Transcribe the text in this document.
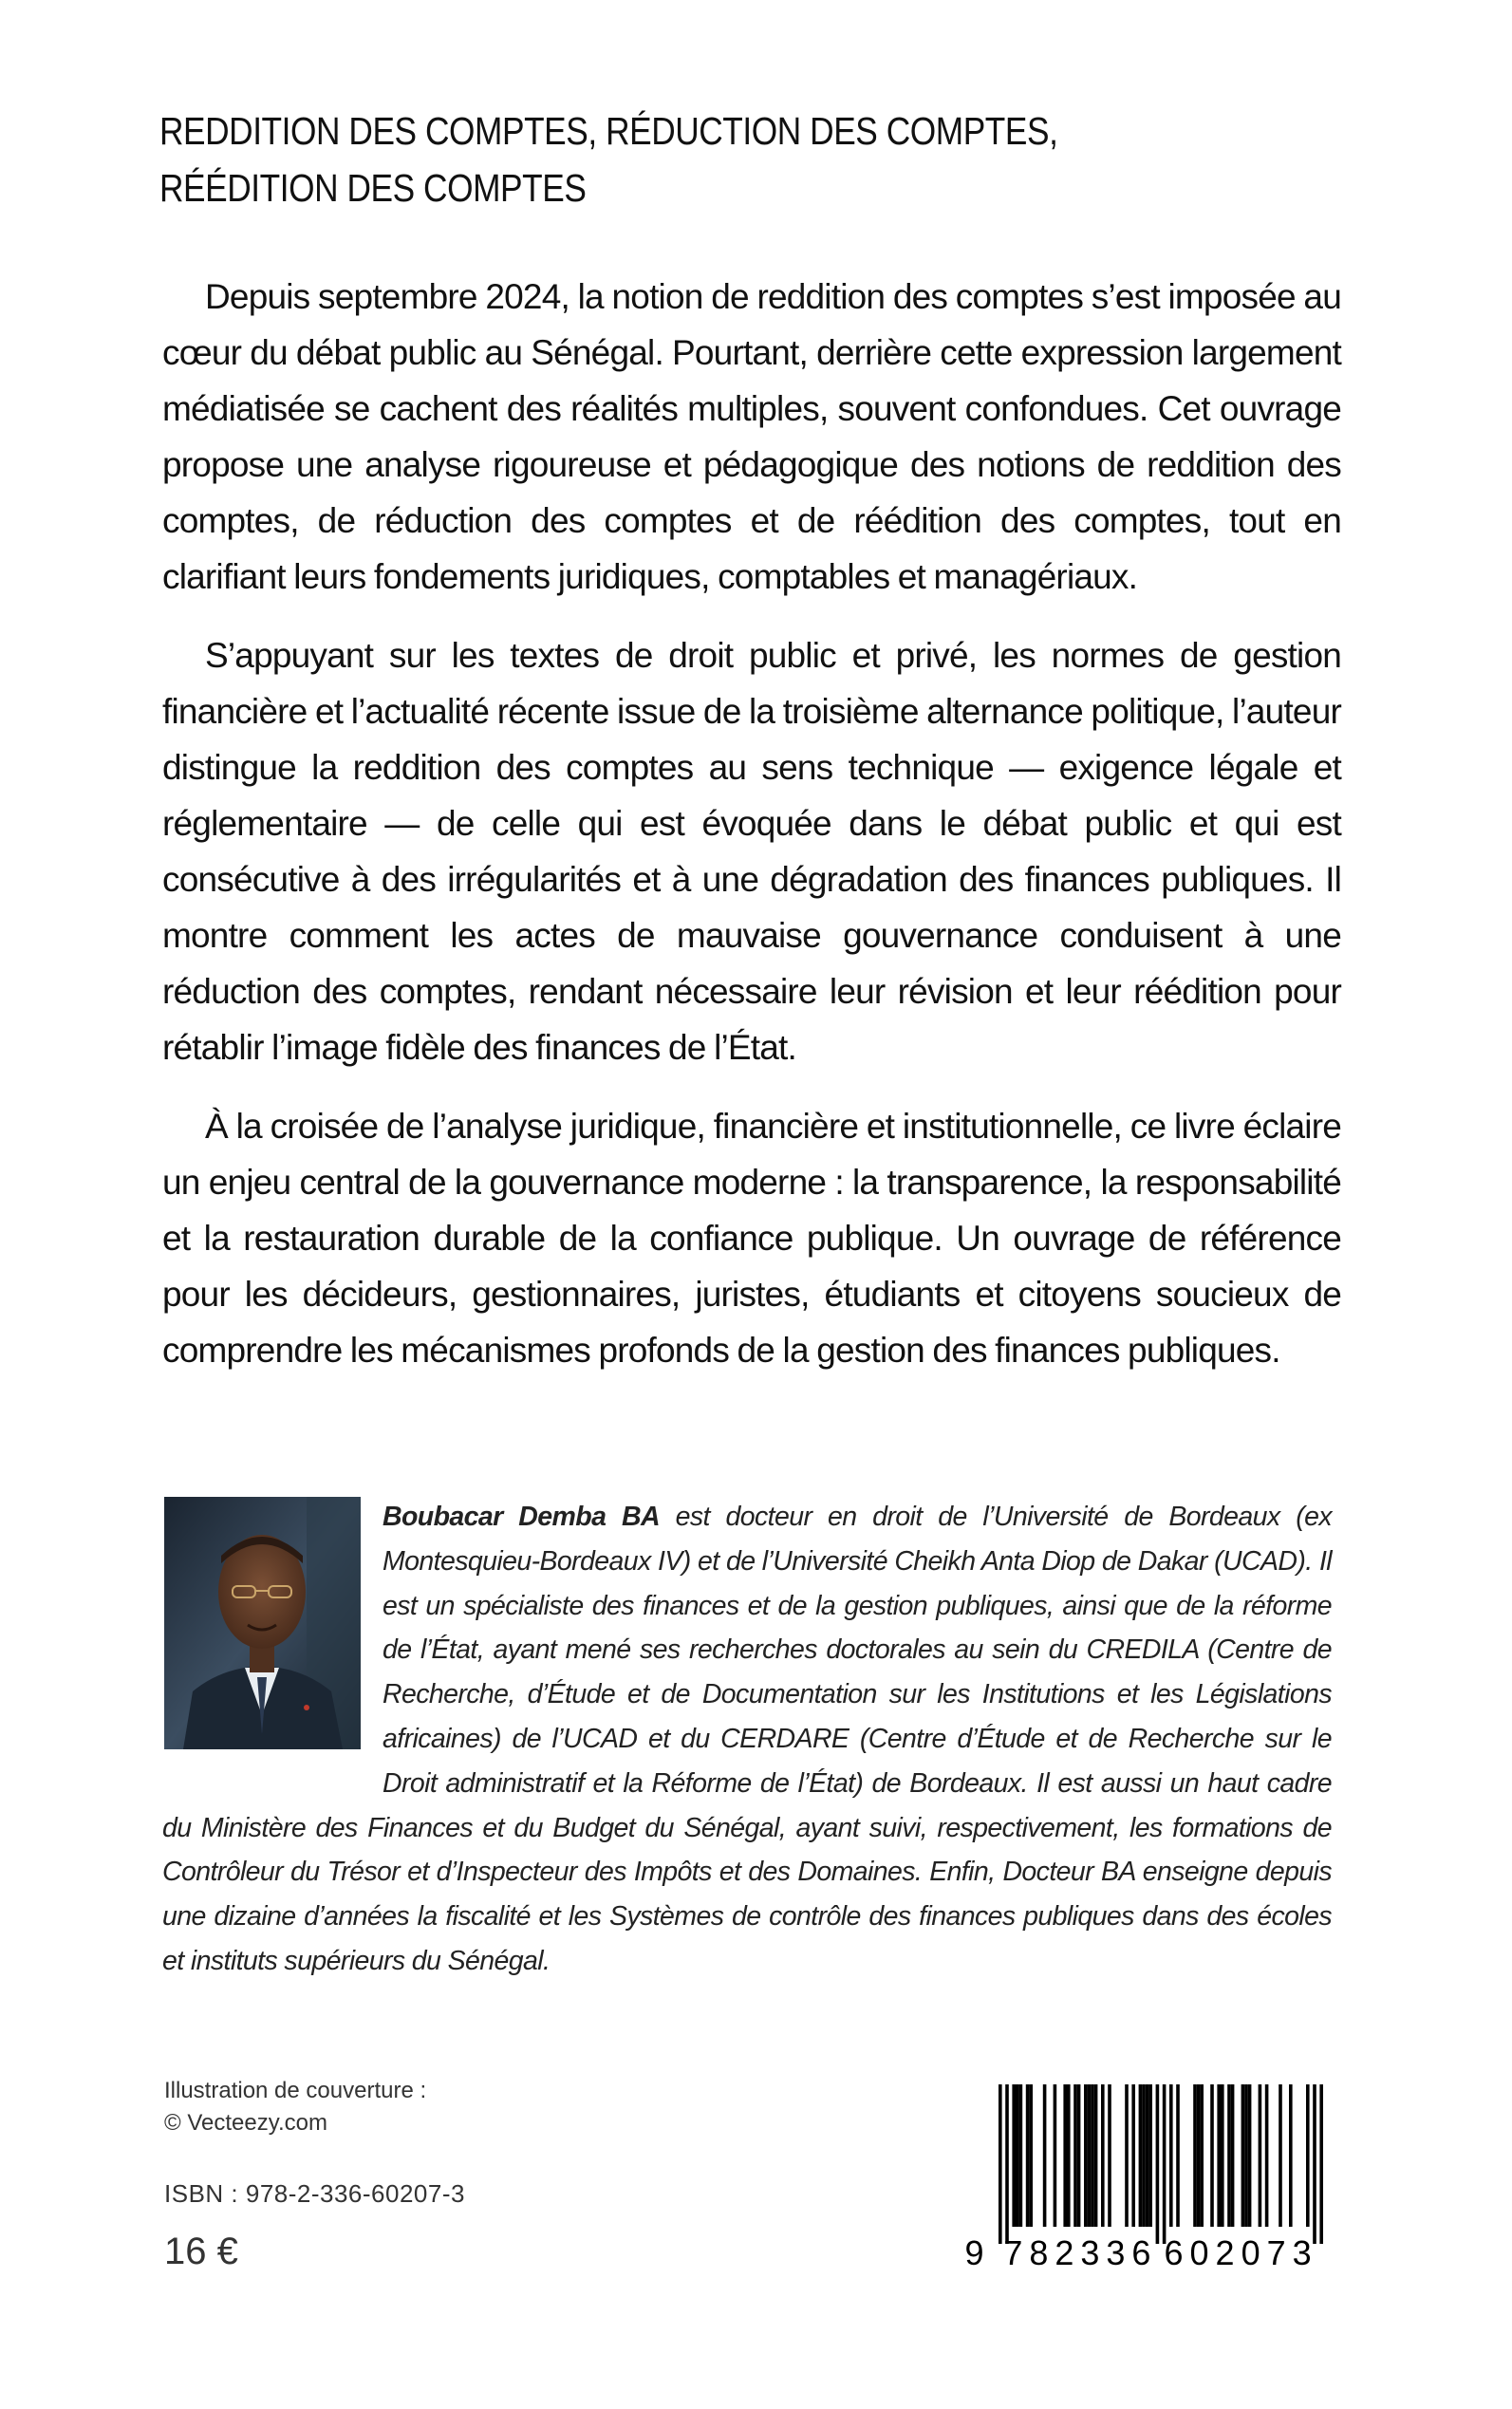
REDDITION DES COMPTES, RÉDUCTION DES COMPTES,
RÉÉDITION DES COMPTES

Depuis septembre 2024, la notion de reddition des comptes s’est imposée au cœur du débat public au Sénégal. Pourtant, derrière cette expression largement médiatisée se cachent des réalités multiples, souvent confondues. Cet ouvrage propose une analyse rigoureuse et pédagogique des notions de reddition des comptes, de réduction des comptes et de réédition des comptes, tout en clarifiant leurs fondements juridiques, comptables et managériaux.

S’appuyant sur les textes de droit public et privé, les normes de gestion financière et l’actualité récente issue de la troisième alternance politique, l’auteur distingue la reddition des comptes au sens technique — exigence légale et réglementaire — de celle qui est évoquée dans le débat public et qui est consécutive à des irrégularités et à une dégradation des finances publiques. Il montre comment les actes de mauvaise gouvernance conduisent à une réduction des comptes, rendant nécessaire leur révision et leur réédition pour rétablir l’image fidèle des finances de l’État.

À la croisée de l’analyse juridique, financière et institutionnelle, ce livre éclaire un enjeu central de la gouvernance moderne : la transparence, la responsabilité et la restauration durable de la confiance publique. Un ouvrage de référence pour les décideurs, gestionnaires, juristes, étudiants et citoyens soucieux de comprendre les mécanismes profonds de la gestion des finances publiques.

Boubacar Demba BA est docteur en droit de l’Université de Bordeaux (ex Montesquieu-Bordeaux IV) et de l’Université Cheikh Anta Diop de Dakar (UCAD). Il est un spécialiste des finances et de la gestion publiques, ainsi que de la réforme de l’État, ayant mené ses recherches doctorales au sein du CREDILA (Centre de Recherche, d’Étude et de Documentation sur les Institutions et les Législations africaines) de l’UCAD et du CERDARE (Centre d’Étude et de Recherche sur le Droit administratif et la Réforme de l’État) de Bordeaux. Il est aussi un haut cadre du Ministère des Finances et du Budget du Sénégal, ayant suivi, respectivement, les formations de Contrôleur du Trésor et d’Inspecteur des Impôts et des Domaines. Enfin, Docteur BA enseigne depuis une dizaine d’années la fiscalité et les Systèmes de contrôle des finances publiques dans des écoles et instituts supérieurs du Sénégal.
Illustration de couverture :
© Vecteezy.com
ISBN : 978-2-336-60207-3
16 €	9 782336 602073
